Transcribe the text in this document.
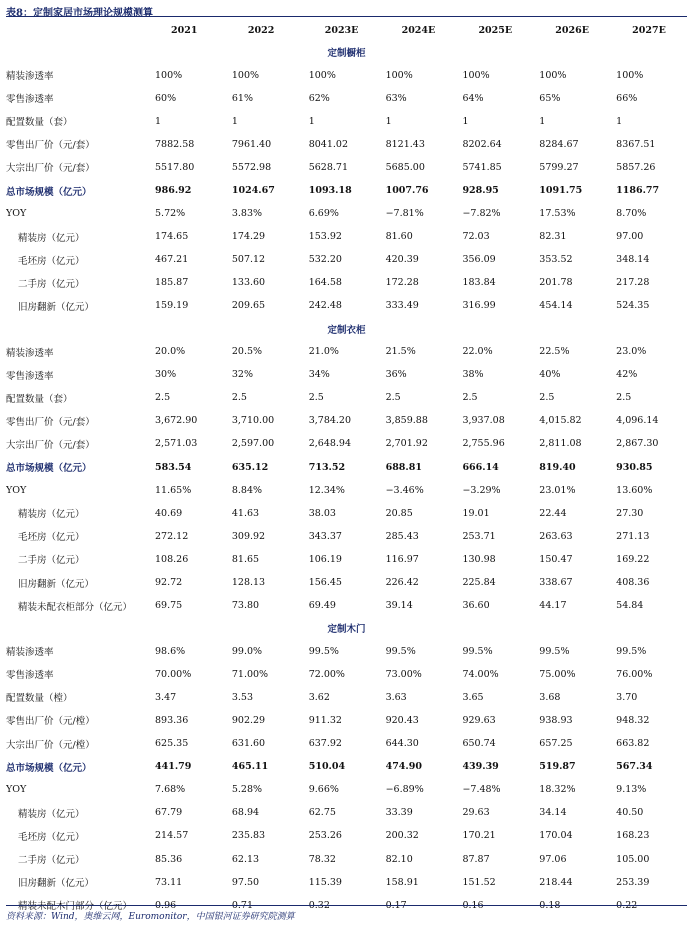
表8：定制家居市场理论规模测算
	2021	2022	2023E	2024E	2025E	2026E	2027E
定制橱柜							
精装渗透率	100%	100%	100%	100%	100%	100%	100%
零售渗透率	60%	61%	62%	63%	64%	65%	66%
配置数量（套）	1	1	1	1	1	1	1
零售出厂价（元/套）	7882.58	7961.40	8041.02	8121.43	8202.64	8284.67	8367.51
大宗出厂价（元/套）	5517.80	5572.98	5628.71	5685.00	5741.85	5799.27	5857.26
总市场规模（亿元）	986.92	1024.67	1093.18	1007.76	928.95	1091.75	1186.77
YOY	5.72%	3.83%	6.69%	−7.81%	−7.82%	17.53%	8.70%
精装房（亿元）	174.65	174.29	153.92	81.60	72.03	82.31	97.00
毛坯房（亿元）	467.21	507.12	532.20	420.39	356.09	353.52	348.14
二手房（亿元）	185.87	133.60	164.58	172.28	183.84	201.78	217.28
旧房翻新（亿元）	159.19	209.65	242.48	333.49	316.99	454.14	524.35
定制衣柜							
精装渗透率	20.0%	20.5%	21.0%	21.5%	22.0%	22.5%	23.0%
零售渗透率	30%	32%	34%	36%	38%	40%	42%
配置数量（套）	2.5	2.5	2.5	2.5	2.5	2.5	2.5
零售出厂价（元/套）	3,672.90	3,710.00	3,784.20	3,859.88	3,937.08	4,015.82	4,096.14
大宗出厂价（元/套）	2,571.03	2,597.00	2,648.94	2,701.92	2,755.96	2,811.08	2,867.30
总市场规模（亿元）	583.54	635.12	713.52	688.81	666.14	819.40	930.85
YOY	11.65%	8.84%	12.34%	−3.46%	−3.29%	23.01%	13.60%
精装房（亿元）	40.69	41.63	38.03	20.85	19.01	22.44	27.30
毛坯房（亿元）	272.12	309.92	343.37	285.43	253.71	263.63	271.13
二手房（亿元）	108.26	81.65	106.19	116.97	130.98	150.47	169.22
旧房翻新（亿元）	92.72	128.13	156.45	226.42	225.84	338.67	408.36
精装未配衣柜部分（亿元）	69.75	73.80	69.49	39.14	36.60	44.17	54.84
定制木门							
精装渗透率	98.6%	99.0%	99.5%	99.5%	99.5%	99.5%	99.5%
零售渗透率	70.00%	71.00%	72.00%	73.00%	74.00%	75.00%	76.00%
配置数量（樘）	3.47	3.53	3.62	3.63	3.65	3.68	3.70
零售出厂价（元/樘）	893.36	902.29	911.32	920.43	929.63	938.93	948.32
大宗出厂价（元/樘）	625.35	631.60	637.92	644.30	650.74	657.25	663.82
总市场规模（亿元）	441.79	465.11	510.04	474.90	439.39	519.87	567.34
YOY	7.68%	5.28%	9.66%	−6.89%	−7.48%	18.32%	9.13%
精装房（亿元）	67.79	68.94	62.75	33.39	29.63	34.14	40.50
毛坯房（亿元）	214.57	235.83	253.26	200.32	170.21	170.04	168.23
二手房（亿元）	85.36	62.13	78.32	82.10	87.87	97.06	105.00
旧房翻新（亿元）	73.11	97.50	115.39	158.91	151.52	218.44	253.39
精装未配木门部分（亿元）	0.96	0.71	0.32	0.17	0.16	0.18	0.22
资料来源：Wind，奥维云网，Euromonitor，中国银河证券研究院测算
